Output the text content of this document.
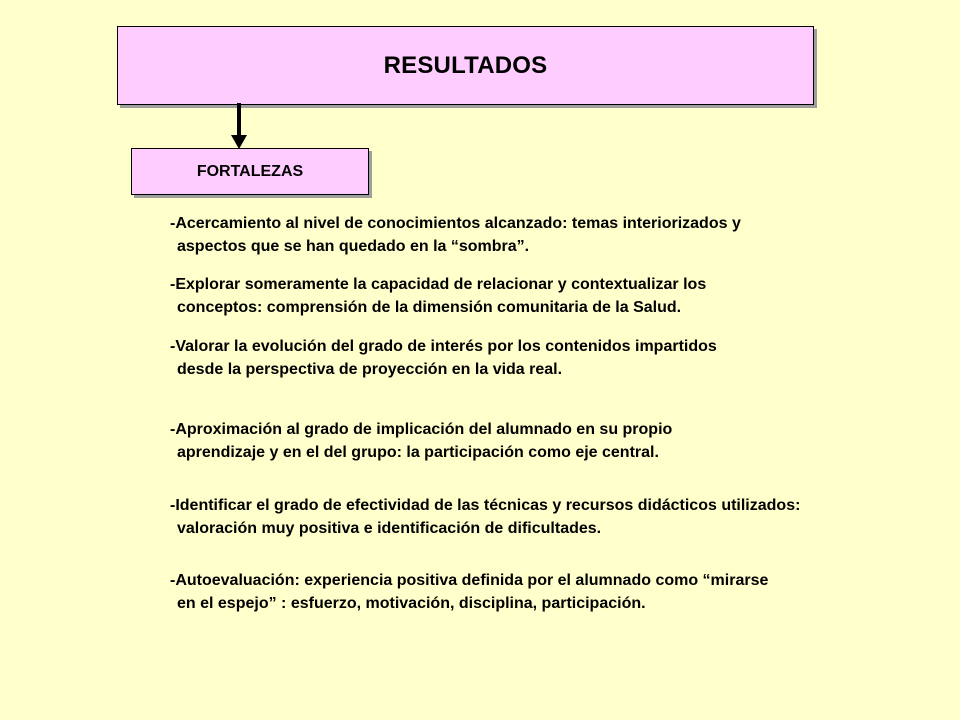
RESULTADOS
FORTALEZAS
-Acercamiento al nivel de conocimientos alcanzado: temas interiorizados y
aspectos que se han quedado en la “sombra”.
-Explorar someramente la capacidad de relacionar y contextualizar los
conceptos: comprensión de la dimensión comunitaria de la Salud.
-Valorar la evolución del grado de interés por los contenidos impartidos
desde la perspectiva de proyección en la vida real.
-Aproximación al grado de implicación del alumnado en su propio
aprendizaje y en el del grupo: la participación como eje central.
-Identificar el grado de efectividad de las técnicas y recursos didácticos utilizados:
valoración muy positiva e identificación de dificultades.
-Autoevaluación: experiencia positiva definida por el alumnado como “mirarse
en el espejo” : esfuerzo, motivación, disciplina, participación.
